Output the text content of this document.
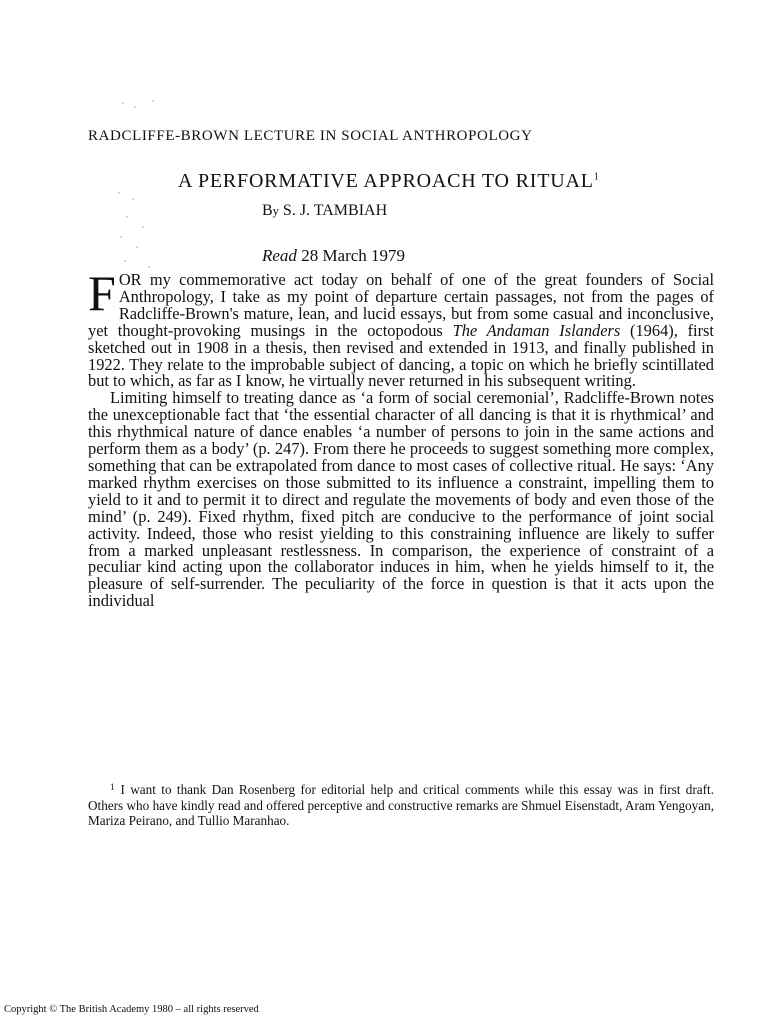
RADCLIFFE-BROWN LECTURE IN SOCIAL ANTHROPOLOGY
A PERFORMATIVE APPROACH TO RITUAL$^1$
By S. J. TAMBIAH
Read 28 March 1979

FOR my commemorative act today on behalf of one of the great founders of Social Anthropology, I take as my point of departure certain passages, not from the pages of Radcliffe-Brown's mature, lean, and lucid essays, but from some casual and inconclusive, yet thought-provoking musings in the octopodous The Andaman Islanders (1964), first sketched out in 1908 in a thesis, then revised and extended in 1913, and finally published in 1922. They relate to the improbable subject of dancing, a topic on which he briefly scintillated but to which, as far as I know, he virtually never returned in his subsequent writing.

Limiting himself to treating dance as ‘a form of social ceremonial’, Radcliffe-Brown notes the unexceptionable fact that ‘the essential character of all dancing is that it is rhythmical’ and this rhythmical nature of dance enables ‘a number of persons to join in the same actions and perform them as a body’ (p. 247). From there he proceeds to suggest something more complex, something that can be extrapolated from dance to most cases of collective ritual. He says: ‘Any marked rhythm exercises on those submitted to its influence a constraint, impelling them to yield to it and to permit it to direct and regulate the movements of body and even those of the mind’ (p. 249). Fixed rhythm, fixed pitch are conducive to the performance of joint social activity. Indeed, those who resist yielding to this constraining influence are likely to suffer from a marked unpleasant restlessness. In comparison, the experience of constraint of a peculiar kind acting upon the collaborator induces in him, when he yields himself to it, the pleasure of self-surrender. The peculiarity of the force in question is that it acts upon the individual

$^1$ I want to thank Dan Rosenberg for editorial help and critical comments while this essay was in first draft. Others who have kindly read and offered perceptive and constructive remarks are Shmuel Eisenstadt, Aram Yengoyan, Mariza Peirano, and Tullio Maranhao.
Copyright © The British Academy 1980 – all rights reserved
